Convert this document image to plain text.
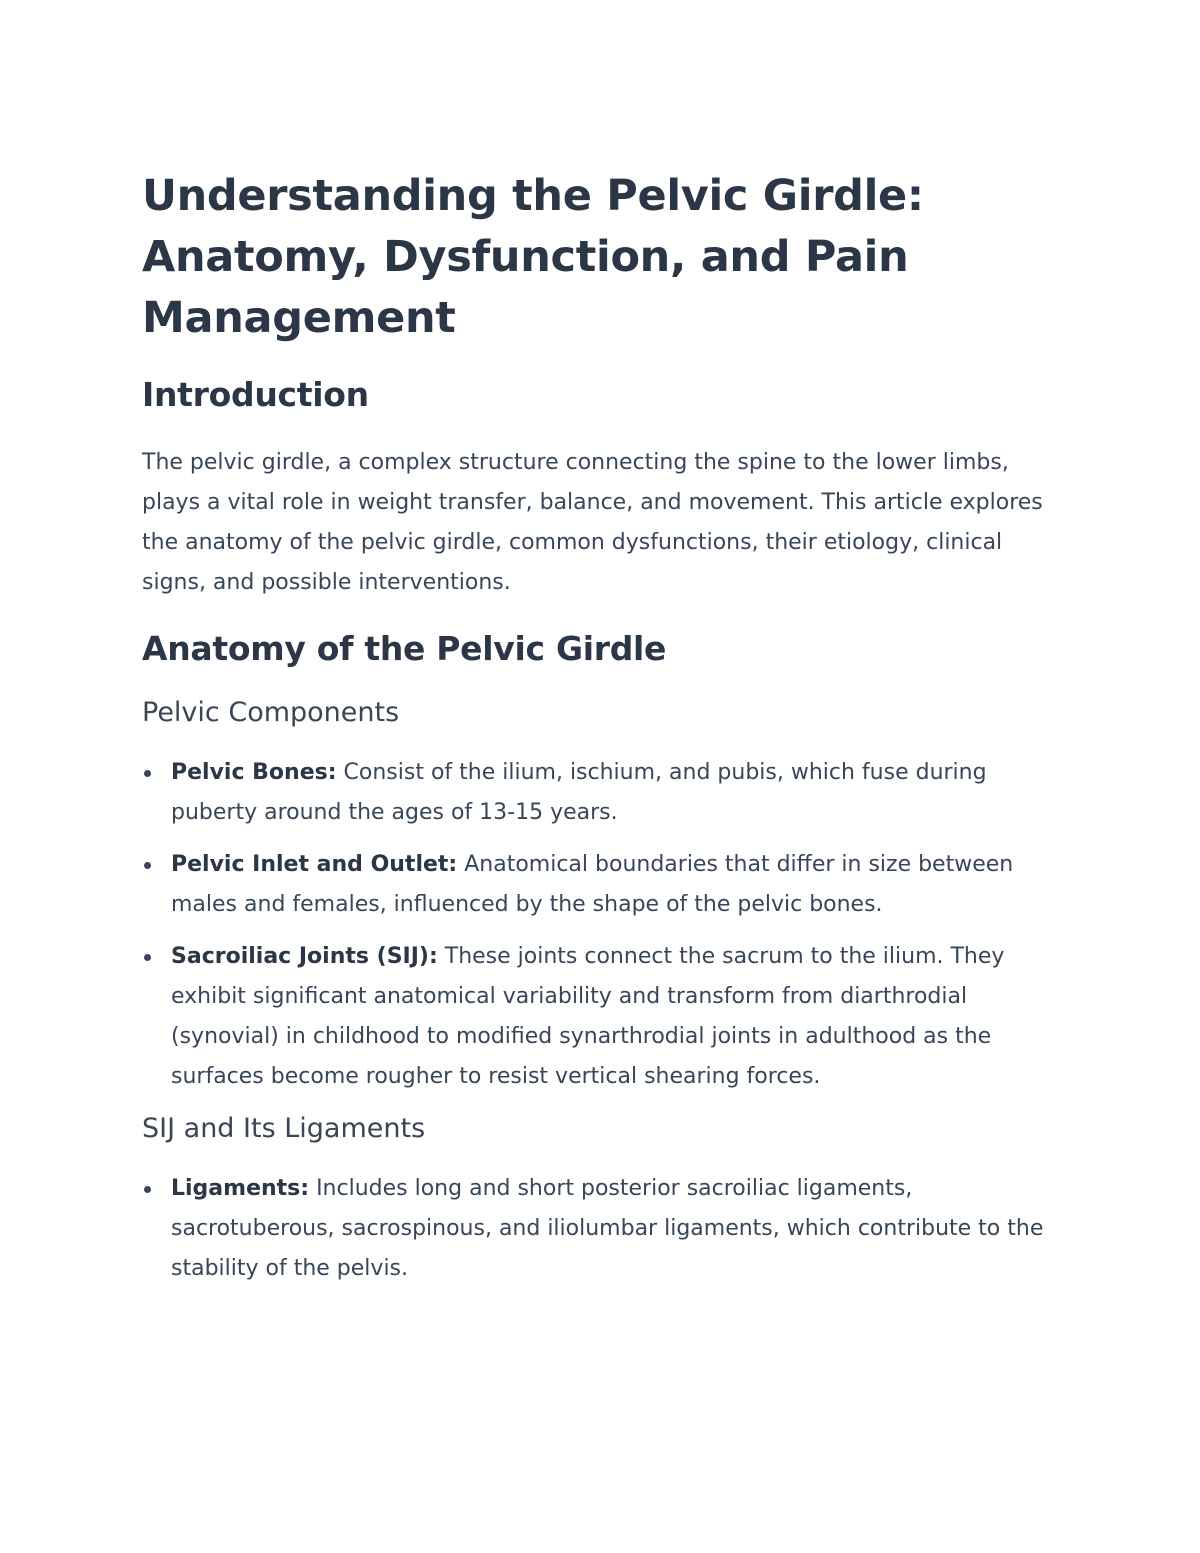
Understanding the Pelvic Girdle: Anatomy, Dysfunction, and Pain Management
Introduction

The pelvic girdle, a complex structure connecting the spine to the lower limbs, plays a vital role in weight transfer, balance, and movement. This article explores the anatomy of the pelvic girdle, common dysfunctions, their etiology, clinical signs, and possible interventions.

Anatomy of the Pelvic Girdle
Pelvic Components
Pelvic Bones: Consist of the ilium, ischium, and pubis, which fuse during puberty around the ages of 13-15 years.
Pelvic Inlet and Outlet: Anatomical boundaries that differ in size between males and females, influenced by the shape of the pelvic bones.
Sacroiliac Joints (SIJ): These joints connect the sacrum to the ilium. They exhibit significant anatomical variability and transform from diarthrodial (synovial) in childhood to modified synarthrodial joints in adulthood as the surfaces become rougher to resist vertical shearing forces.
SIJ and Its Ligaments
Ligaments: Includes long and short posterior sacroiliac ligaments, sacrotuberous, sacrospinous, and iliolumbar ligaments, which contribute to the stability of the pelvis.
